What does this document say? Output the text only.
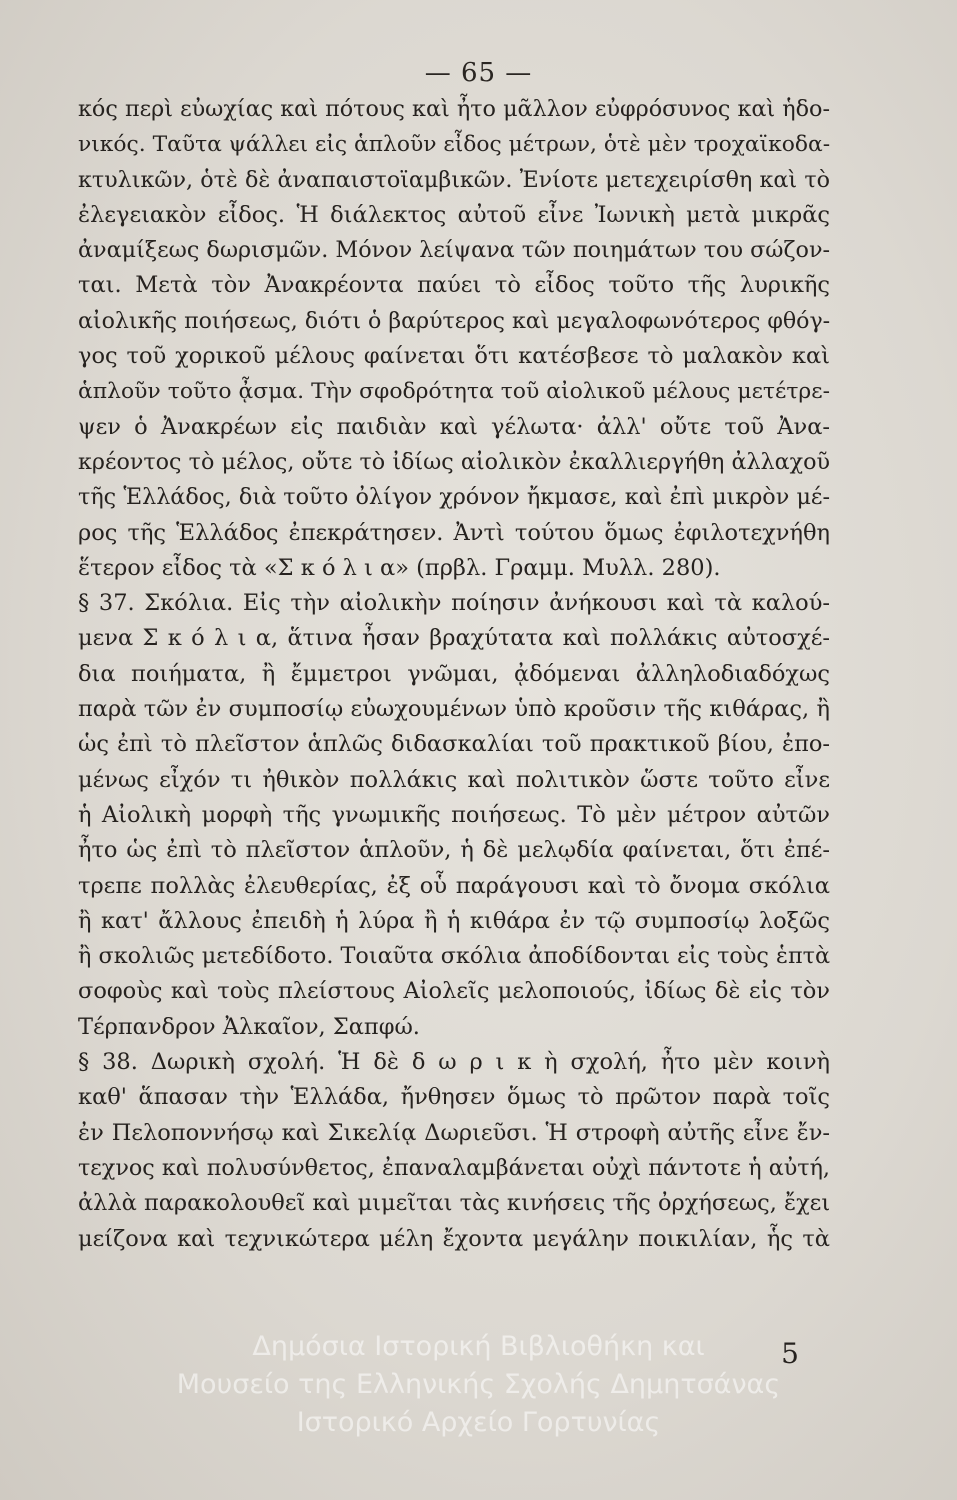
— 65 —
κός περὶ εὐωχίας καὶ πότους καὶ ἦτο μᾶλλον εὐφρόσυνος καὶ ἡδο-
νικός. Ταῦτα ψάλλει εἰς ἁπλοῦν εἶδος μέτρων, ὁτὲ μὲν τροχαϊκοδα-
κτυλικῶν, ὁτὲ δὲ ἀναπαιστοϊαμβικῶν. Ἐνίοτε μετεχειρίσθη καὶ τὸ
ἐλεγειακὸν εἶδος. Ἡ διάλεκτος αὐτοῦ εἶνε Ἰωνικὴ μετὰ μικρᾶς
ἀναμίξεως δωρισμῶν. Μόνον λείψανα τῶν ποιημάτων του σώζον-
ται. Μετὰ τὸν Ἀνακρέοντα παύει τὸ εἶδος τοῦτο τῆς λυρικῆς
αἰολικῆς ποιήσεως, διότι ὁ βαρύτερος καὶ μεγαλοφωνότερος φθόγ-
γος τοῦ χορικοῦ μέλους φαίνεται ὅτι κατέσβεσε τὸ μαλακὸν καὶ
ἁπλοῦν τοῦτο ᾆσμα. Τὴν σφοδρότητα τοῦ αἰολικοῦ μέλους μετέτρε-
ψεν ὁ Ἀνακρέων εἰς παιδιὰν καὶ γέλωτα· ἀλλ' οὔτε τοῦ Ἀνα-
κρέοντος τὸ μέλος, οὔτε τὸ ἰδίως αἰολικὸν ἐκαλλιεργήθη ἀλλαχοῦ
τῆς Ἑλλάδος, διὰ τοῦτο ὀλίγον χρόνον ἤκμασε, καὶ ἐπὶ μικρὸν μέ-
ρος τῆς Ἑλλάδος ἐπεκράτησεν. Ἀντὶ τούτου ὅμως ἐφιλοτεχνήθη
ἕτερον εἶδος τὰ «Σ κ ό λ ι α» (πρβλ. Γραμμ. Μυλλ. 280).
§ 37. Σκόλια. Εἰς τὴν αἰολικὴν ποίησιν ἀνήκουσι καὶ τὰ καλού-
μενα Σ κ ό λ ι α, ἅτινα ἦσαν βραχύτατα καὶ πολλάκις αὐτοσχέ-
δια ποιήματα, ἢ ἔμμετροι γνῶμαι, ᾀδόμεναι ἀλληλοδιαδόχως
παρὰ τῶν ἐν συμποσίῳ εὐωχουμένων ὑπὸ κροῦσιν τῆς κιθάρας, ἢ
ὡς ἐπὶ τὸ πλεῖστον ἁπλῶς διδασκαλίαι τοῦ πρακτικοῦ βίου, ἐπο-
μένως εἶχόν τι ἠθικὸν πολλάκις καὶ πολιτικὸν ὥστε τοῦτο εἶνε
ἡ Αἰολικὴ μορφὴ τῆς γνωμικῆς ποιήσεως. Τὸ μὲν μέτρον αὐτῶν
ἦτο ὡς ἐπὶ τὸ πλεῖστον ἁπλοῦν, ἡ δὲ μελῳδία φαίνεται, ὅτι ἐπέ-
τρεπε πολλὰς ἐλευθερίας, ἐξ οὗ παράγουσι καὶ τὸ ὄνομα σκόλια
ἢ κατ' ἄλλους ἐπειδὴ ἡ λύρα ἢ ἡ κιθάρα ἐν τῷ συμποσίῳ λοξῶς
ἢ σκολιῶς μετεδίδοτο. Τοιαῦτα σκόλια ἀποδίδονται εἰς τοὺς ἑπτὰ
σοφοὺς καὶ τοὺς πλείστους Αἰολεῖς μελοποιούς, ἰδίως δὲ εἰς τὸν
Τέρπανδρον Ἀλκαῖον, Σαπφώ.
§ 38. Δωρικὴ σχολή. Ἡ δὲ δ ω ρ ι κ ὴ σχολή, ἦτο μὲν κοινὴ
καθ' ἅπασαν τὴν Ἑλλάδα, ἤνθησεν ὅμως τὸ πρῶτον παρὰ τοῖς
ἐν Πελοποννήσῳ καὶ Σικελίᾳ Δωριεῦσι. Ἡ στροφὴ αὐτῆς εἶνε ἔν-
τεχνος καὶ πολυσύνθετος, ἐπαναλαμβάνεται οὐχὶ πάντοτε ἡ αὐτή,
ἀλλὰ παρακολουθεῖ καὶ μιμεῖται τὰς κινήσεις τῆς ὀρχήσεως, ἔχει
μείζονα καὶ τεχνικώτερα μέλη ἔχοντα μεγάλην ποικιλίαν, ἧς τὰ
Δημόσια Ιστορική Βιβλιοθήκη και
Μουσείο της Ελληνικής Σχολής Δημητσάνας
Ιστορικό Αρχείο Γορτυνίας
5
